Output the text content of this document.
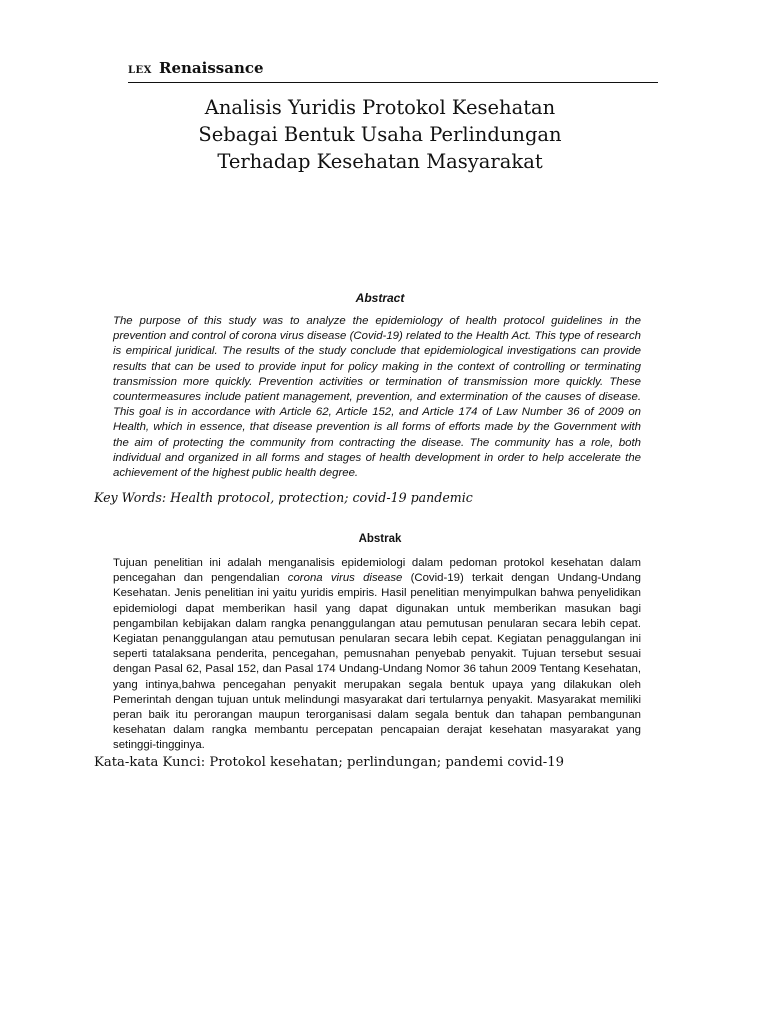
LEX Renaissance
Analisis Yuridis Protokol Kesehatan
Sebagai Bentuk Usaha Perlindungan
Terhadap Kesehatan Masyarakat
Abstract

The purpose of this study was to analyze the epidemiology of health protocol guidelines in the prevention and control of corona virus disease (Covid-19) related to the Health Act. This type of research is empirical juridical. The results of the study conclude that epidemiological investigations can provide results that can be used to provide input for policy making in the context of controlling or terminating transmission more quickly. Prevention activities or termination of transmission more quickly. These countermeasures include patient management, prevention, and extermination of the causes of disease. This goal is in accordance with Article 62, Article 152, and Article 174 of Law Number 36 of 2009 on Health, which in essence, that disease prevention is all forms of efforts made by the Government with the aim of protecting the community from contracting the disease. The community has a role, both individual and organized in all forms and stages of health development in order to help accelerate the achievement of the highest public health degree.

Key Words: Health protocol, protection; covid-19 pandemic
Abstrak

Tujuan penelitian ini adalah menganalisis epidemiologi dalam pedoman protokol kesehatan dalam pencegahan dan pengendalian corona virus disease (Covid-19) terkait dengan Undang-Undang Kesehatan. Jenis penelitian ini yaitu yuridis empiris. Hasil penelitian menyimpulkan bahwa penyelidikan epidemiologi dapat memberikan hasil yang dapat digunakan untuk memberikan masukan bagi pengambilan kebijakan dalam rangka penanggulangan atau pemutusan penularan secara lebih cepat. Kegiatan penanggulangan atau pemutusan penularan secara lebih cepat. Kegiatan penaggulangan ini seperti tatalaksana penderita, pencegahan, pemusnahan penyebab penyakit. Tujuan tersebut sesuai dengan Pasal 62, Pasal 152, dan Pasal 174 Undang-Undang Nomor 36 tahun 2009 Tentang Kesehatan, yang intinya,bahwa pencegahan penyakit merupakan segala bentuk upaya yang dilakukan oleh Pemerintah dengan tujuan untuk melindungi masyarakat dari tertularnya penyakit. Masyarakat memiliki peran baik itu perorangan maupun terorganisasi dalam segala bentuk dan tahapan pembangunan kesehatan dalam rangka membantu percepatan pencapaian derajat kesehatan masyarakat yang setinggi-tingginya.

Kata-kata Kunci: Protokol kesehatan; perlindungan; pandemi covid-19
